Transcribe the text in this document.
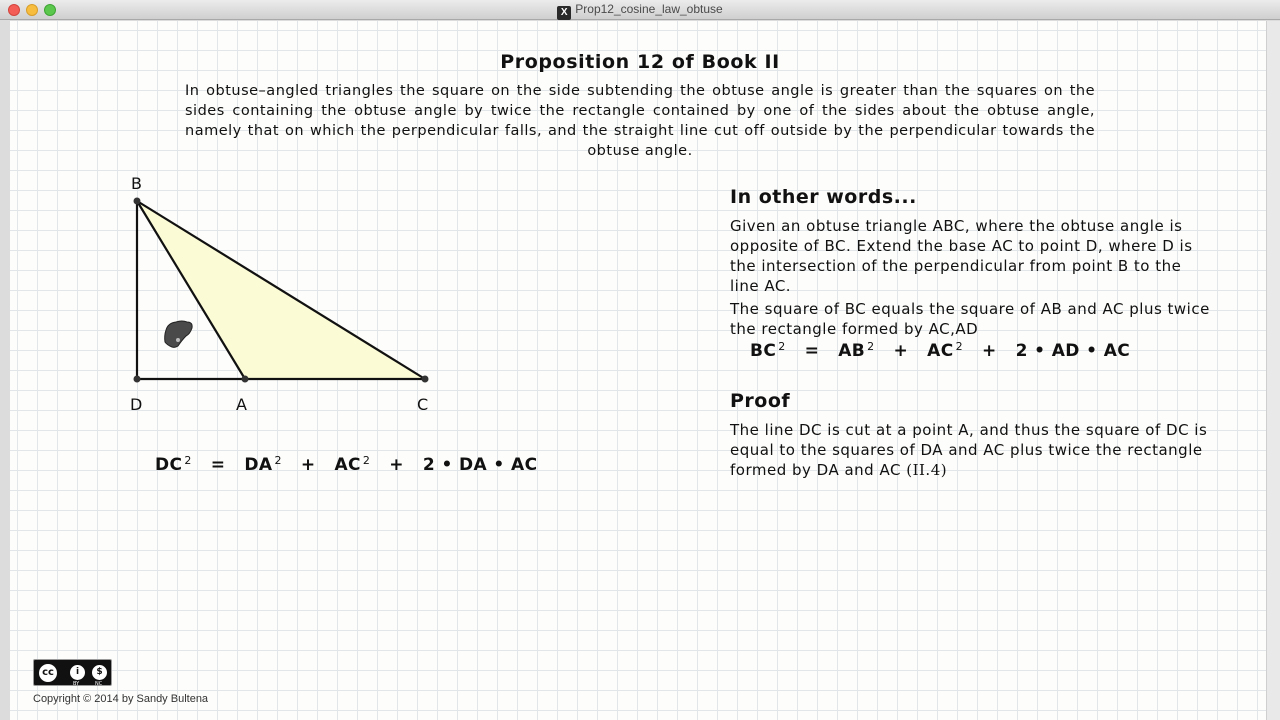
X Prop12_cosine_law_obtuse
Proposition 12 of Book II
In obtuse–angled triangles the square on the side subtending the obtuse angle is greater than the squares on the sides containing the obtuse angle by twice the rectangle contained by one of the sides about the obtuse angle, namely that on which the perpendicular falls, and the straight line cut off outside by the perpendicular towards the obtuse angle.
B
D	A	C
DC $^2$ = DA $^2$ + AC $^2$ + 2 • DA • AC
In other words...
Given an obtuse triangle ABC, where the obtuse angle is opposite of BC. Extend the base AC to point D, where D is the intersection of the perpendicular from point B to the line AC.
The square of BC equals the square of AB and AC plus twice the rectangle formed by AC,AD
BC $^2$ = AB $^2$ + AC $^2$ + 2 • AD • AC
Proof
The line DC is cut at a point A, and thus the square of DC is equal to the squares of DA and AC plus twice the rectangle formed by DA and AC (II.4)
cc	i	$
BY	NC
Copyright © 2014 by Sandy Bultena
